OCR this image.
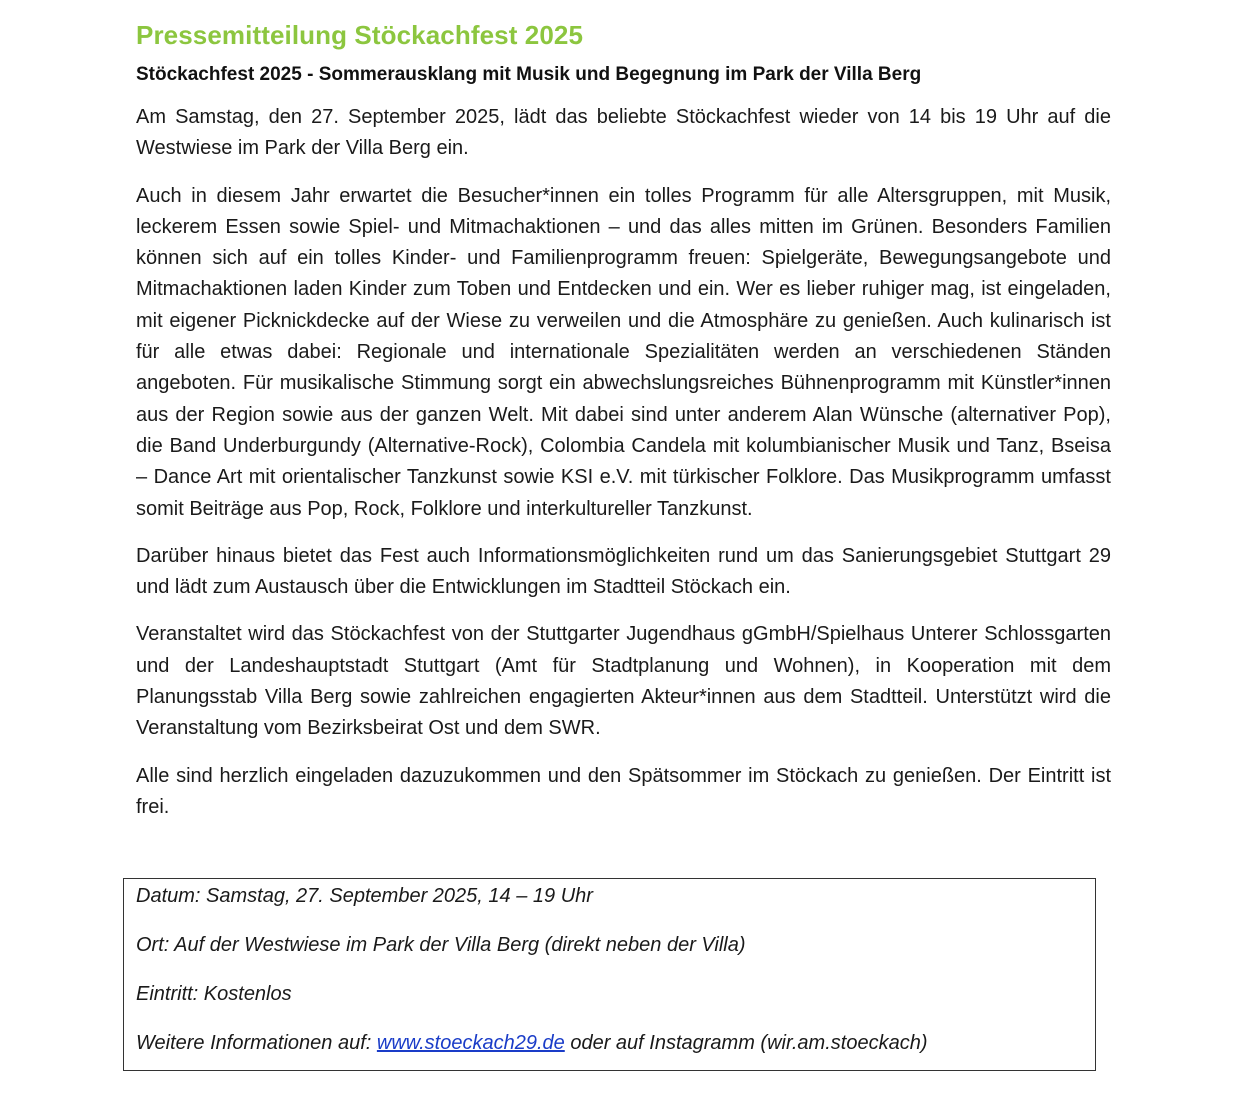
Pressemitteilung Stöckachfest 2025
Stöckachfest 2025 - Sommerausklang mit Musik und Begegnung im Park der Villa Berg

Am Samstag, den 27. September 2025, lädt das beliebte Stöckachfest wieder von 14 bis 19 Uhr auf die Westwiese im Park der Villa Berg ein.

Auch in diesem Jahr erwartet die Besucher*innen ein tolles Programm für alle Altersgruppen, mit Musik, leckerem Essen sowie Spiel- und Mitmachaktionen – und das alles mitten im Grünen. Besonders Familien können sich auf ein tolles Kinder- und Familienprogramm freuen: Spielgeräte, Bewegungsangebote und Mitmachaktionen laden Kinder zum Toben und Entdecken und ein. Wer es lieber ruhiger mag, ist eingeladen, mit eigener Picknickdecke auf der Wiese zu verweilen und die Atmosphäre zu genießen. Auch kulinarisch ist für alle etwas dabei: Regionale und internationale Spezialitäten werden an verschiedenen Ständen angeboten. Für musikalische Stimmung sorgt ein abwechslungsreiches Bühnenprogramm mit Künstler*innen aus der Region sowie aus der ganzen Welt. Mit dabei sind unter anderem Alan Wünsche (alternativer Pop), die Band Underburgundy (Alternative-Rock), Colombia Candela mit kolumbianischer Musik und Tanz, Bseisa – Dance Art mit orientalischer Tanzkunst sowie KSI e.V. mit türkischer Folklore. Das Musikprogramm umfasst somit Beiträge aus Pop, Rock, Folklore und interkultureller Tanzkunst.

Darüber hinaus bietet das Fest auch Informationsmöglichkeiten rund um das Sanierungsgebiet Stuttgart 29 und lädt zum Austausch über die Entwicklungen im Stadtteil Stöckach ein.

Veranstaltet wird das Stöckachfest von der Stuttgarter Jugendhaus gGmbH/Spielhaus Unterer Schlossgarten und der Landeshauptstadt Stuttgart (Amt für Stadtplanung und Wohnen), in Kooperation mit dem Planungsstab Villa Berg sowie zahlreichen engagierten Akteur*innen aus dem Stadtteil. Unterstützt wird die Veranstaltung vom Bezirksbeirat Ost und dem SWR.

Alle sind herzlich eingeladen dazuzukommen und den Spätsommer im Stöckach zu genießen. Der Eintritt ist frei.

Datum: Samstag, 27. September 2025, 14 – 19 Uhr
Ort: Auf der Westwiese im Park der Villa Berg (direkt neben der Villa)
Eintritt: Kostenlos
Weitere Informationen auf: www.stoeckach29.de oder auf Instagramm (wir.am.stoeckach)
